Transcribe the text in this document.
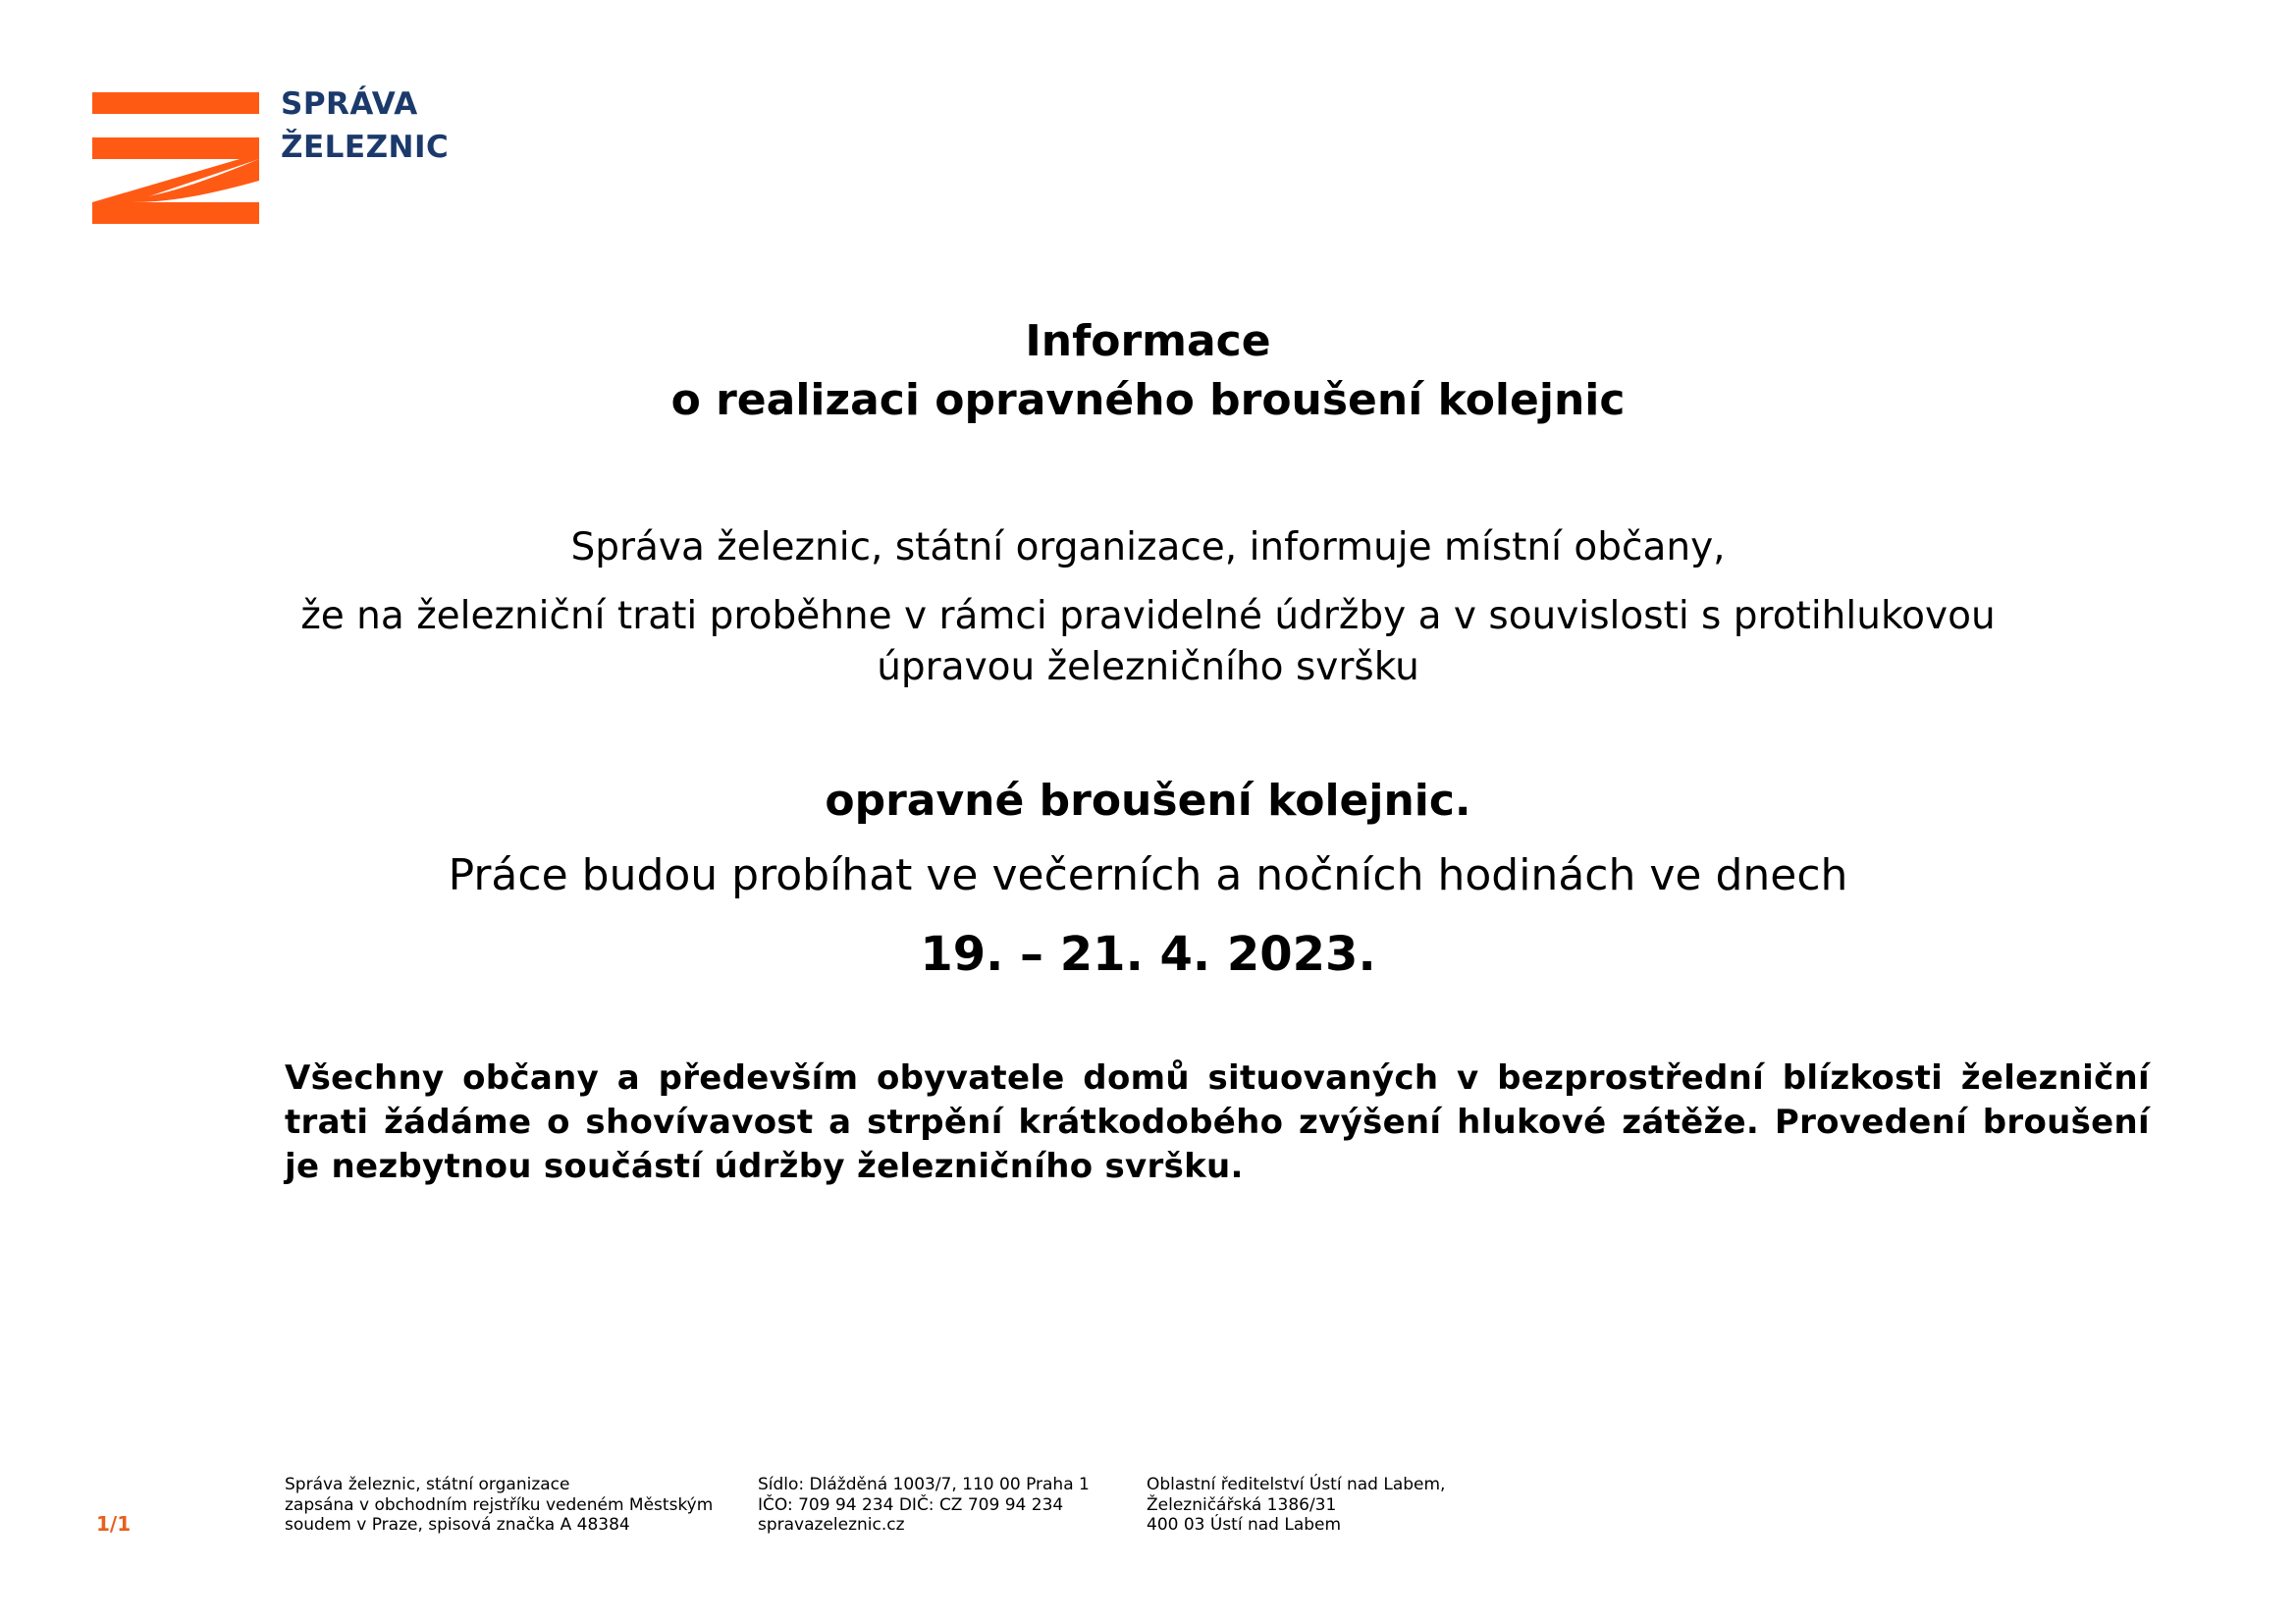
SPRÁVA
ŽELEZNIC
Informace
o realizaci opravného broušení kolejnic
Správa železnic, státní organizace, informuje místní občany,
že na železniční trati proběhne v rámci pravidelné údržby a v souvislosti s protihlukovou
úpravou železničního svršku
opravné broušení kolejnic.
Práce budou probíhat ve večerních a nočních hodinách ve dnech
19. – 21. 4. 2023.
Všechny občany a především obyvatele domů situovaných v bezprostřední blízkosti železniční trati žádáme o shovívavost a strpění krátkodobého zvýšení hlukové zátěže. Provedení broušení je nezbytnou součástí údržby železničního svršku.
1/1
Správa železnic, státní organizace
zapsána v obchodním rejstříku vedeném Městským
soudem v Praze, spisová značka A 48384
Sídlo: Dlážděná 1003/7, 110 00 Praha 1
IČO: 709 94 234 DIČ: CZ 709 94 234
spravazeleznic.cz
Oblastní ředitelství Ústí nad Labem,
Železničářská 1386/31
400 03 Ústí nad Labem
